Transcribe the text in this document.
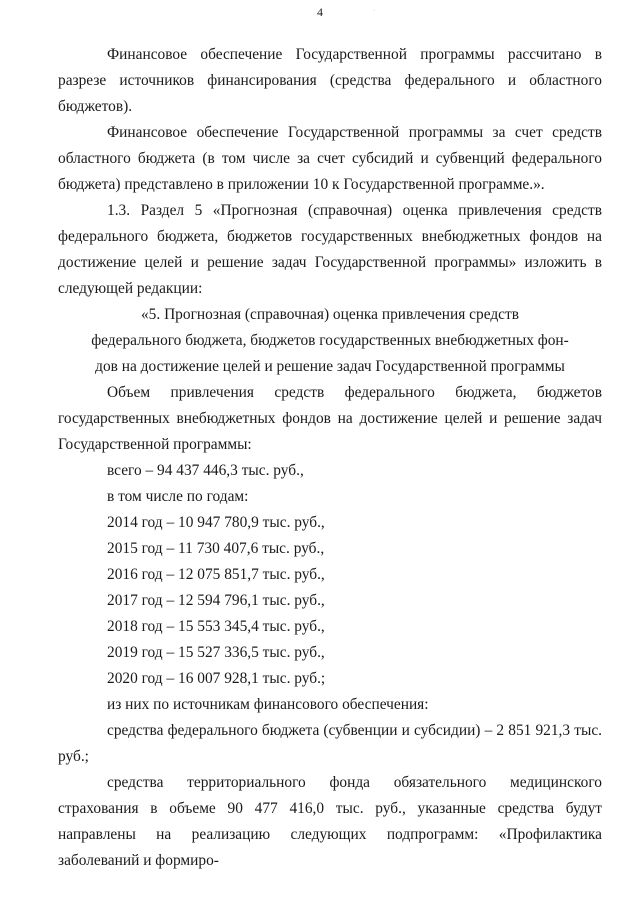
4	·

Финансовое обеспечение Государственной программы рассчитано в разрезе источников финансирования (средства федерального и областного бюджетов).

Финансовое обеспечение Государственной программы за счет средств областного бюджета (в том числе за счет субсидий и субвенций федерального бюджета) представлено в приложении 10 к Государственной программе.».

1.3. Раздел 5 «Прогнозная (справочная) оценка привлечения средств федерального бюджета, бюджетов государственных внебюджетных фондов на достижение целей и решение задач Государственной программы» изложить в следующей редакции:

«5. Прогнозная (справочная) оценка привлечения средств

федерального бюджета, бюджетов государственных внебюджетных фон-

дов на достижение целей и решение задач Государственной программы

Объем привлечения средств федерального бюджета, бюджетов государственных внебюджетных фондов на достижение целей и решение задач Государственной программы:

всего – 94 437 446,3 тыс. руб.,

в том числе по годам:

2014 год – 10 947 780,9 тыс. руб.,

2015 год – 11 730 407,6 тыс. руб.,

2016 год – 12 075 851,7 тыс. руб.,

2017 год – 12 594 796,1 тыс. руб.,

2018 год – 15 553 345,4 тыс. руб.,

2019 год – 15 527 336,5 тыс. руб.,

2020 год – 16 007 928,1 тыс. руб.;

из них по источникам финансового обеспечения:

средства федерального бюджета (субвенции и субсидии) – 2 851 921,3 тыс. руб.;

средства территориального фонда обязательного медицинского страхования в объеме 90 477 416,0 тыс. руб., указанные средства будут направлены на реализацию следующих подпрограмм: «Профилактика заболеваний и формиро-
